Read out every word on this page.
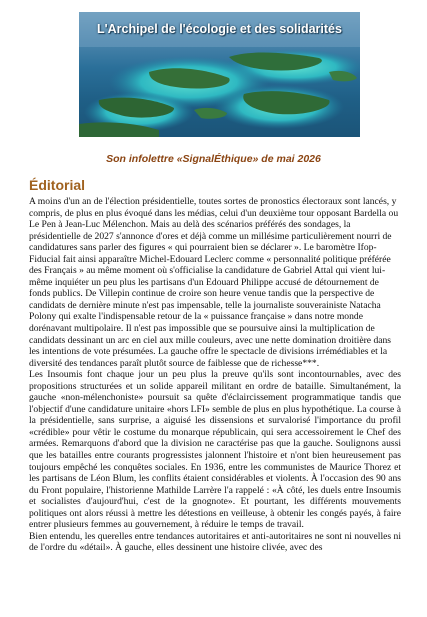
L'Archipel de l'écologie et des solidarités
Son infolettre «SignalÉthique» de mai 2026
Éditorial

A moins d'un an de l'élection présidentielle, toutes sortes de pronostics électoraux sont lancés, y compris, de plus en plus évoqué dans les médias, celui d'un deuxième tour opposant Bardella ou Le Pen à Jean-Luc Mélenchon. Mais au delà des scénarios préférés des sondages, la présidentielle de 2027 s'annonce d'ores et déjà comme un millésime particulièrement nourri de candidatures sans parler des figures « qui pourraient bien se déclarer ». Le baromètre Ifop-Fiducial fait ainsi apparaître Michel-Edouard Leclerc comme « personnalité politique préférée des Français » au même moment où s'officialise la candidature de Gabriel Attal qui vient lui-même inquiéter un peu plus les partisans d'un Edouard Philippe accusé de détournement de fonds publics. De Villepin continue de croire son heure venue tandis que la perspective de candidats de dernière minute n'est pas impensable, telle la journaliste souverainiste Natacha Polony qui exalte l'indispensable retour de la « puissance française » dans notre monde dorénavant multipolaire. Il n'est pas impossible que se poursuive ainsi la multiplication de candidats dessinant un arc en ciel aux mille couleurs, avec une nette domination droitière dans les intentions de vote présumées. La gauche offre le spectacle de divisions irrémédiables et la diversité des tendances paraît plutôt source de faiblesse que de richesse***.

Les Insoumis font chaque jour un peu plus la preuve qu'ils sont incontournables, avec des propositions structurées et un solide appareil militant en ordre de bataille. Simultanément, la gauche «non-mélenchoniste» poursuit sa quête d'éclaircissement programmatique tandis que l'objectif d'une candidature unitaire «hors LFI» semble de plus en plus hypothétique. La course à la présidentielle, sans surprise, a aiguisé les dissensions et survalorisé l'importance du profil «crédible» pour vêtir le costume du monarque républicain, qui sera accessoirement le Chef des armées. Remarquons d'abord que la division ne caractérise pas que la gauche. Soulignons aussi que les batailles entre courants progressistes jalonnent l'histoire et n'ont bien heureusement pas toujours empêché les conquêtes sociales. En 1936, entre les communistes de Maurice Thorez et les partisans de Léon Blum, les conflits étaient considérables et violents. À l'occasion des 90 ans du Front populaire, l'historienne Mathilde Larrère l'a rappelé : «À côté, les duels entre Insoumis et socialistes d'aujourd'hui, c'est de la gnognote». Et pourtant, les différents mouvements politiques ont alors réussi à mettre les détestions en veilleuse, à obtenir les congés payés, à faire entrer plusieurs femmes au gouvernement, à réduire le temps de travail.

Bien entendu, les querelles entre tendances autoritaires et anti-autoritaires ne sont ni nouvelles ni de l'ordre du «détail». À gauche, elles dessinent une histoire clivée, avec des
